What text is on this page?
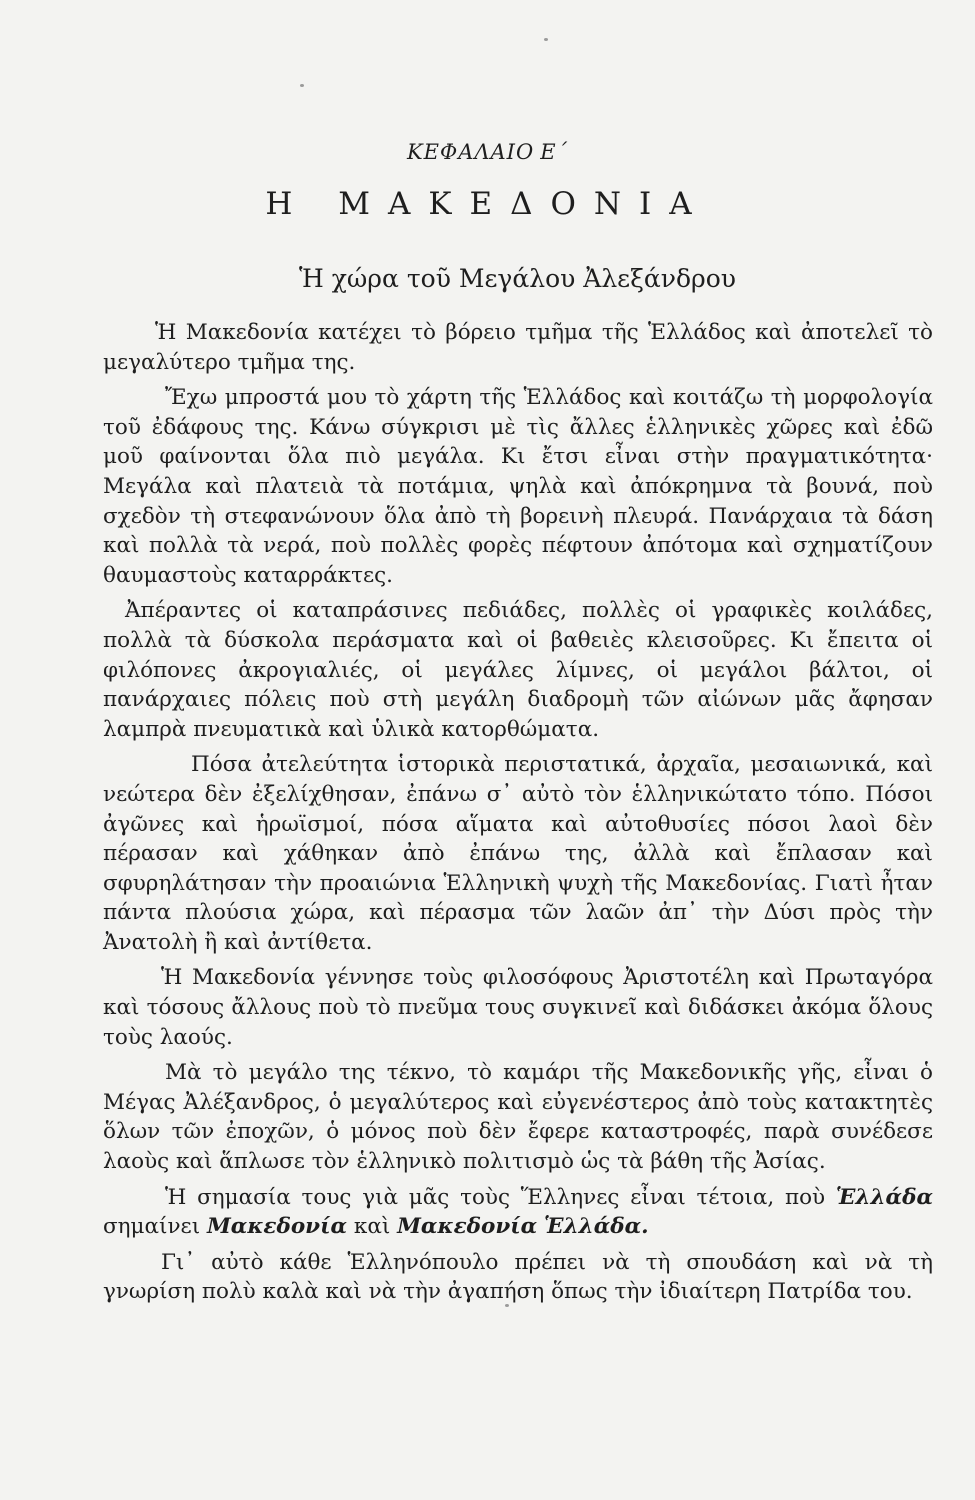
ΚΕΦΑΛΑΙΟ Ε΄
Η ΜΑΚΕΔΟΝΙΑ
Ἡ χώρα τοῦ Μεγάλου Ἀλεξάνδρου

Ἡ Μακεδονία κατέχει τὸ βόρειο τμῆμα τῆς Ἑλλάδος καὶ ἀποτελεῖ τὸ μεγαλύτερο τμῆμα της.

Ἔχω μπροστά μου τὸ χάρτη τῆς Ἑλλάδος καὶ κοιτάζω τὴ μορφολογία τοῦ ἐδάφους της. Κάνω σύγκρισι μὲ τὶς ἄλλες ἑλληνικὲς χῶρες καὶ ἐδῶ μοῦ φαίνονται ὅλα πιὸ μεγάλα. Κι ἔτσι εἶναι στὴν πραγματικότητα· Μεγάλα καὶ πλατειὰ τὰ ποτάμια, ψηλὰ καὶ ἀπόκρημνα τὰ βουνά, ποὺ σχεδὸν τὴ στεφανώνουν ὅλα ἀπὸ τὴ βορεινὴ πλευρά. Πανάρχαια τὰ δάση καὶ πολλὰ τὰ νερά, ποὺ πολλὲς φορὲς πέφτουν ἀπότομα καὶ σχηματίζουν θαυμαστοὺς καταρράκτες.

Ἀπέραντες οἱ καταπράσινες πεδιάδες, πολλὲς οἱ γραφικὲς κοιλάδες, πολλὰ τὰ δύσκολα περάσματα καὶ οἱ βαθειὲς κλεισοῦρες. Κι ἔπειτα οἱ φιλόπονες ἀκρογιαλιές, οἱ μεγάλες λίμνες, οἱ μεγάλοι βάλτοι, οἱ πανάρχαιες πόλεις ποὺ στὴ μεγάλη διαδρομὴ τῶν αἰώνων μᾶς ἄφησαν λαμπρὰ πνευματικὰ καὶ ὑλικὰ κατορθώματα.

Πόσα ἀτελεύτητα ἱστορικὰ περιστατικά, ἀρχαῖα, μεσαιωνικά, καὶ νεώτερα δὲν ἐξελίχθησαν, ἐπάνω σ᾽ αὐτὸ τὸν ἑλληνικώτατο τόπο. Πόσοι ἀγῶνες καὶ ἡρωϊσμοί, πόσα αἵματα καὶ αὐτοθυσίες πόσοι λαοὶ δὲν πέρασαν καὶ χάθηκαν ἀπὸ ἐπάνω της, ἀλλὰ καὶ ἔπλασαν καὶ σφυρηλάτησαν τὴν προαιώνια Ἑλληνικὴ ψυχὴ τῆς Μακεδονίας. Γιατὶ ἦταν πάντα πλούσια χώρα, καὶ πέρασμα τῶν λαῶν ἀπ᾽ τὴν Δύσι πρὸς τὴν Ἀνατολὴ ἢ καὶ ἀντίθετα.

Ἡ Μακεδονία γέννησε τοὺς φιλοσόφους Ἀριστοτέλη καὶ Πρωταγόρα καὶ τόσους ἄλλους ποὺ τὸ πνεῦμα τους συγκινεῖ καὶ διδάσκει ἀκόμα ὅλους τοὺς λαούς.

Μὰ τὸ μεγάλο της τέκνο, τὸ καμάρι τῆς Μακεδονικῆς γῆς, εἶναι ὁ Μέγας Ἀλέξανδρος, ὁ μεγαλύτερος καὶ εὐγενέστερος ἀπὸ τοὺς κατακτητὲς ὅλων τῶν ἐποχῶν, ὁ μόνος ποὺ δὲν ἔφερε καταστροφές, παρὰ συνέδεσε λαοὺς καὶ ἅπλωσε τὸν ἑλληνικὸ πολιτισμὸ ὡς τὰ βάθη τῆς Ἀσίας.

Ἡ σημασία τους γιὰ μᾶς τοὺς Ἕλληνες εἶναι τέτοια, ποὺ Ἑλλάδα σημαίνει Μακεδονία καὶ Μακεδονία Ἑλλάδα.

Γι᾽ αὐτὸ κάθε Ἑλληνόπουλο πρέπει νὰ τὴ σπουδάση καὶ νὰ τὴ γνωρίση πολὺ καλὰ καὶ νὰ τὴν ἀγαπήση ὅπως τὴν ἰδιαίτερη Πατρίδα του.
